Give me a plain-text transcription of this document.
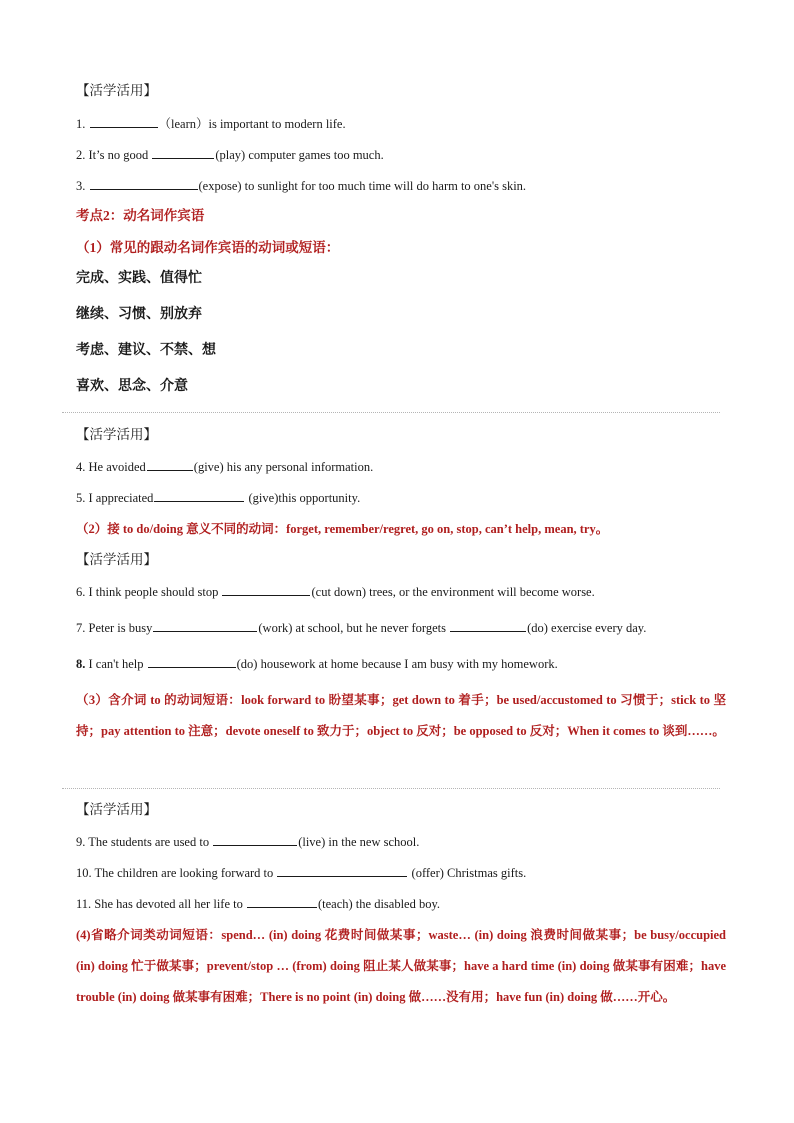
【活学活用】

1.	（learn）is important to modern life.

2. It’s no good	(play) computer games too much.

3.	(expose) to sunlight for too much time will do harm to one's skin.

考点2：动名词作宾语

（1）常见的跟动名词作宾语的动词或短语：

完成、实践、值得忙

继续、习惯、别放弃

考虑、建议、不禁、想

喜欢、思念、介意

【活学活用】

4. He avoided	(give) his any personal information.

5. I appreciated	(give)this opportunity.

（2）接 to do/doing 意义不同的动词：forget, remember/regret, go on, stop, can’t help, mean, try。

【活学活用】

6. I think people should stop	(cut down) trees, or the environment will become worse.

7. Peter is busy	(work) at school, but he never forgets	(do) exercise every day.

8. I can't help	(do) housework at home because I am busy with my homework.

（3）含介词 to 的动词短语：look forward to 盼望某事；get down to 着手；be used/accustomed to 习惯于；stick to 坚持；pay attention to 注意；devote oneself to 致力于；object to 反对；be opposed to 反对；When it comes to 谈到……。

【活学活用】

9. The students are used to	(live) in the new school.

10. The children are looking forward to	(offer) Christmas gifts.

11. She has devoted all her life to	(teach) the disabled boy.

(4)省略介词类动词短语：spend… (in) doing 花费时间做某事；waste… (in) doing 浪费时间做某事；be busy/occupied (in) doing 忙于做某事；prevent/stop … (from) doing 阻止某人做某事；have a hard time (in) doing 做某事有困难；have trouble (in) doing 做某事有困难；There is no point (in) doing 做……没有用；have fun (in) doing 做……开心。
